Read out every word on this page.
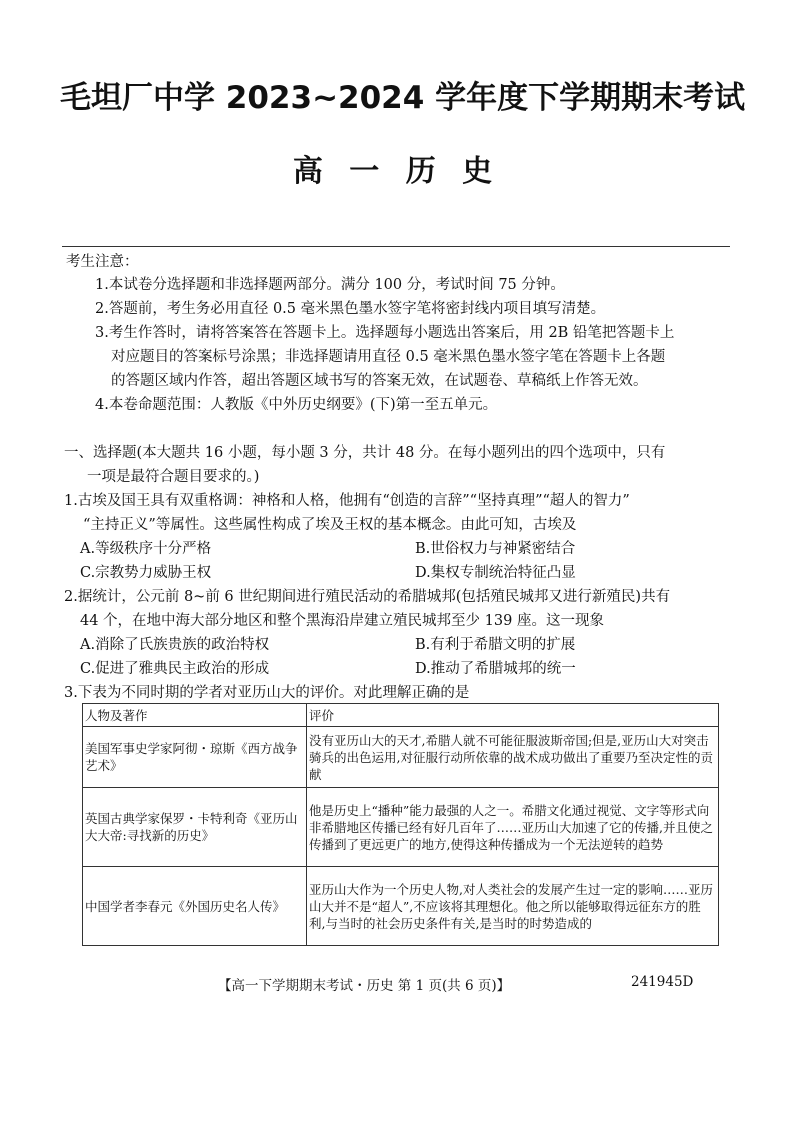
毛坦厂中学 2023~2024 学年度下学期期末考试
高 一 历 史
考生注意：
1.本试卷分选择题和非选择题两部分。满分 100 分，考试时间 75 分钟。
2.答题前，考生务必用直径 0.5 毫米黑色墨水签字笔将密封线内项目填写清楚。
3.考生作答时，请将答案答在答题卡上。选择题每小题选出答案后，用 2B 铅笔把答题卡上
对应题目的答案标号涂黑；非选择题请用直径 0.5 毫米黑色墨水签字笔在答题卡上各题
的答题区域内作答，超出答题区域书写的答案无效，在试题卷、草稿纸上作答无效。
4.本卷命题范围：人教版《中外历史纲要》(下)第一至五单元。
一、选择题(本大题共 16 小题，每小题 3 分，共计 48 分。在每小题列出的四个选项中，只有
一项是最符合题目要求的。)
1.古埃及国王具有双重格调：神格和人格，他拥有“创造的言辞”“坚持真理”“超人的智力”
“主持正义”等属性。这些属性构成了埃及王权的基本概念。由此可知，古埃及
A.等级秩序十分严格	B.世俗权力与神紧密结合
C.宗教势力威胁王权	D.集权专制统治特征凸显
2.据统计，公元前 8~前 6 世纪期间进行殖民活动的希腊城邦(包括殖民城邦又进行新殖民)共有
44 个，在地中海大部分地区和整个黑海沿岸建立殖民城邦至少 139 座。这一现象
A.消除了氏族贵族的政治特权	B.有利于希腊文明的扩展
C.促进了雅典民主政治的形成	D.推动了希腊城邦的统一
3.下表为不同时期的学者对亚历山大的评价。对此理解正确的是
人物及著作	评价
美国军事史学家阿彻・琼斯《西方战争艺术》	没有亚历山大的天才,希腊人就不可能征服波斯帝国;但是,亚历山大对突击骑兵的出色运用,对征服行动所依靠的战术成功做出了重要乃至决定性的贡献
英国古典学家保罗・卡特利奇《亚历山大大帝:寻找新的历史》	他是历史上“播种”能力最强的人之一。希腊文化通过视觉、文字等形式向非希腊地区传播已经有好几百年了……亚历山大加速了它的传播,并且使之传播到了更远更广的地方,使得这种传播成为一个无法逆转的趋势
中国学者李春元《外国历史名人传》	亚历山大作为一个历史人物,对人类社会的发展产生过一定的影响……亚历山大并不是“超人”,不应该将其理想化。他之所以能够取得远征东方的胜利,与当时的社会历史条件有关,是当时的时势造成的
【高一下学期期末考试・历史 第 1 页(共 6 页)】	241945D
